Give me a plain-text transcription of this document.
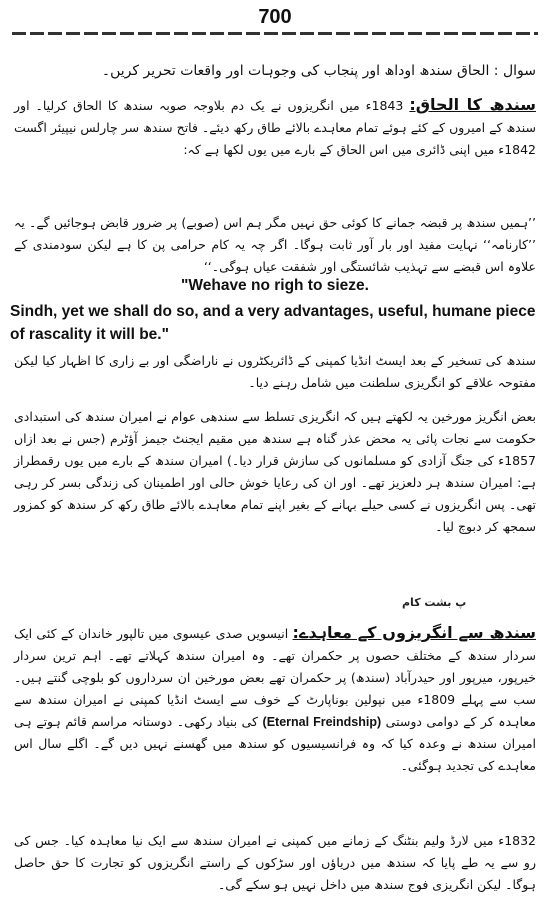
700
سوال : الحاق سندھ اوداھ اور پنجاب کی وجوہات اور واقعات تحریر کریں۔
سندھ کا الحاق: 1843ء میں انگریزوں نے یک دم بلاوجہ صوبہ سندھ کا الحاق کرلیا۔ اور سندھ کے امیروں کے کئے ہوئے تمام معاہدے بالائے طاق رکھ دیئے۔ فاتح سندھ سر چارلس نیپیئر اگست 1842ء میں اپنی ڈائری میں اس الحاق کے بارے میں یوں لکھا ہے کہ:
’’ہمیں سندھ پر قبضہ جمانے کا کوئی حق نہیں مگر ہم اس (صوبے) پر ضرور قابض ہوجائیں گے۔ یہ ’’کارنامہ‘‘ نہایت مفید اور بار آور ثابت ہوگا۔ اگر چہ یہ کام حرامی پن کا ہے لیکن سودمندی کے علاوہ اس قبضے سے تہذیب شائستگی اور شفقت عیاں ہوگی۔‘‘
"Wehave no righ to sieze.
Sindh, yet we shall do so, and a very advantages, useful, humane piece of rascality it will be."
سندھ کی تسخیر کے بعد ایسٹ انڈیا کمپنی کے ڈائریکٹروں نے ناراضگی اور بے زاری کا اظہار کیا لیکن مفتوحہ علاقے کو انگریزی سلطنت میں شامل رہنے دیا۔
بعض انگریز مورخین یہ لکھتے ہیں کہ انگریزی تسلط سے سندھی عوام نے امیران سندھ کی استبدادی حکومت سے نجات پائی یہ محض عذر گناہ ہے سندھ میں مقیم ایجنٹ جیمز آؤٹرم (جس نے بعد ازاں 1857ء کی جنگ آزادی کو مسلمانوں کی سازش قرار دیا۔) امیران سندھ کے بارے میں یوں رقمطراز ہے: امیران سندھ ہر دلعزیز تھے۔ اور ان کی رعایا خوش حالی اور اطمینان کی زندگی بسر کر رہی تھی۔ پس انگریزوں نے کسی حیلے بہانے کے بغیر اپنے تمام معاہدے بالائے طاق رکھ کر سندھ کو کمزور سمجھ کر دبوچ لیا۔
پ بشت کام
سندھ سے انگریزوں کے معاہدے: انیسویں صدی عیسوی میں تالپور خاندان کے کئی ایک سردار سندھ کے مختلف حصوں پر حکمران تھے۔ وہ امیران سندھ کہلاتے تھے۔ اہم ترین سردار خیرپور، میرپور اور حیدرآباد (سندھ) پر حکمران تھے بعض مورخین ان سرداروں کو بلوچی گنتے ہیں۔ سب سے پہلے 1809ء میں نپولین بوناپارٹ کے خوف سے ایسٹ انڈیا کمپنی نے امیران سندھ سے معاہدہ کر کے دوامی دوستی (Eternal Freindship) کی بنیاد رکھی۔ دوستانہ مراسم قائم ہوتے ہی امیران سندھ نے وعدہ کیا کہ وہ فرانسیسیوں کو سندھ میں گھسنے نہیں دیں گے۔ اگلے سال اس معاہدے کی تجدید ہوگئی۔
1832ء میں لارڈ ولیم بنٹنگ کے زمانے میں کمپنی نے امیران سندھ سے ایک نیا معاہدہ کیا۔ جس کی رو سے یہ طے پایا کہ سندھ میں دریاؤں اور سڑکوں کے راستے انگریزوں کو تجارت کا حق حاصل ہوگا۔ لیکن انگریزی فوج سندھ میں داخل نہیں ہو سکے گی۔
